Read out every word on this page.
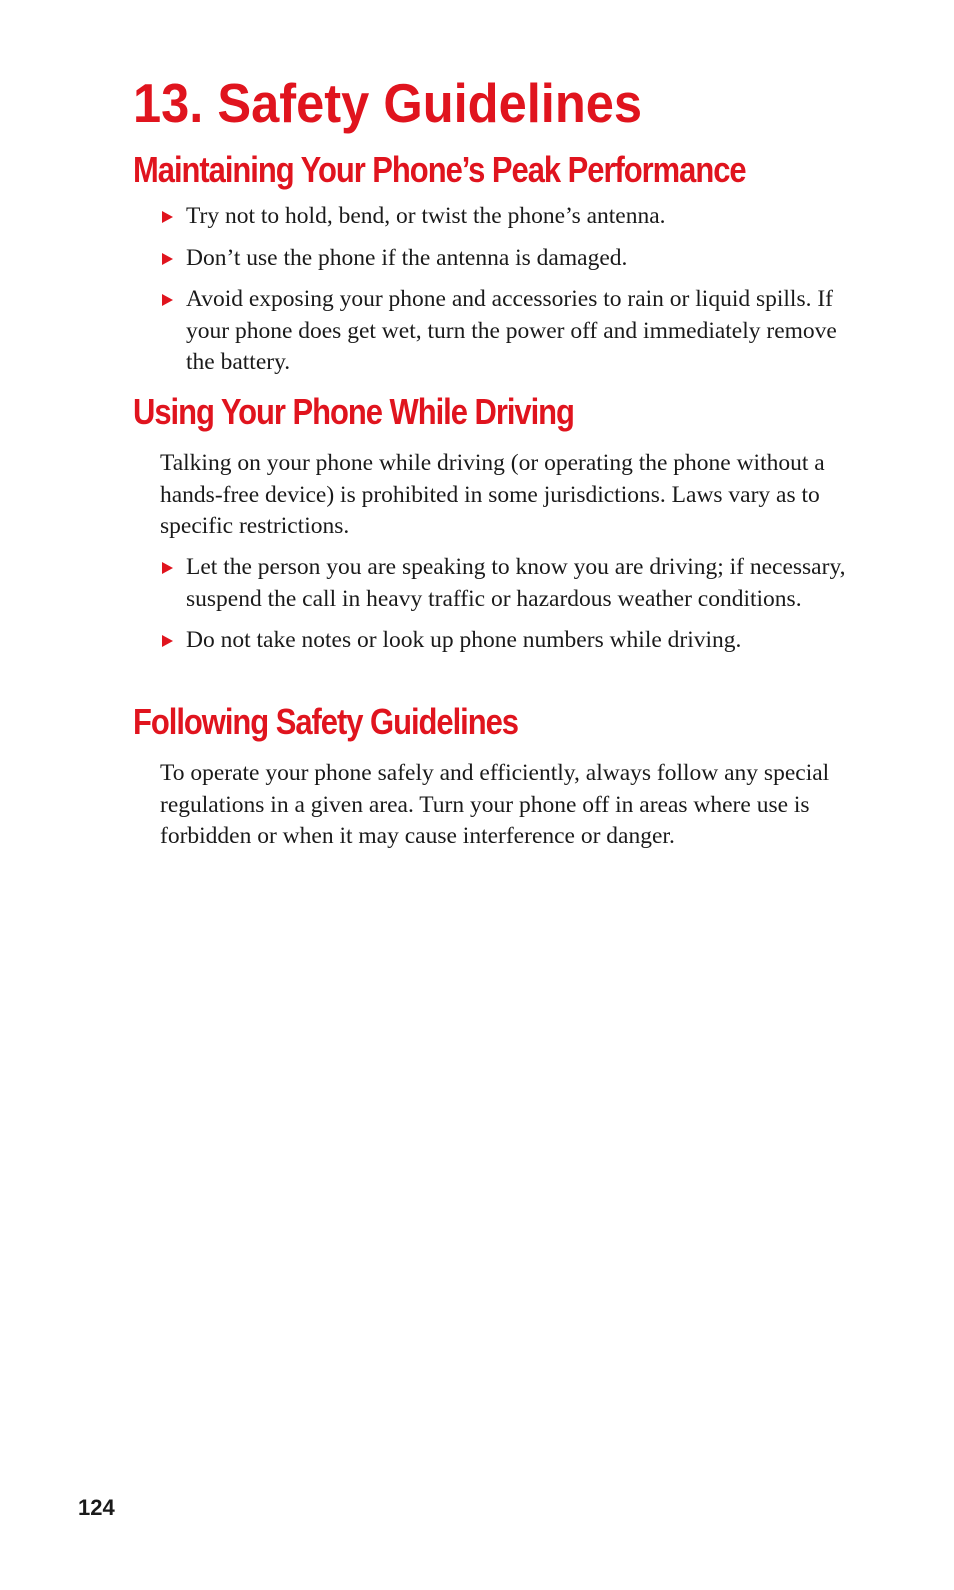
13. Safety Guidelines
Maintaining Your Phone’s Peak Performance
Try not to hold, bend, or twist the phone’s antenna.
Don’t use the phone if the antenna is damaged.
Avoid exposing your phone and accessories to rain or liquid spills. If your phone does get wet, turn the power off and immediately remove the battery.
Using Your Phone While Driving

Talking on your phone while driving (or operating the phone without a hands-free device) is prohibited in some jurisdictions. Laws vary as to specific restrictions.

Let the person you are speaking to know you are driving; if necessary, suspend the call in heavy traffic or hazardous weather conditions.
Do not take notes or look up phone numbers while driving.
Following Safety Guidelines

To operate your phone safely and efficiently, always follow any special regulations in a given area. Turn your phone off in areas where use is forbidden or when it may cause interference or danger.

124
